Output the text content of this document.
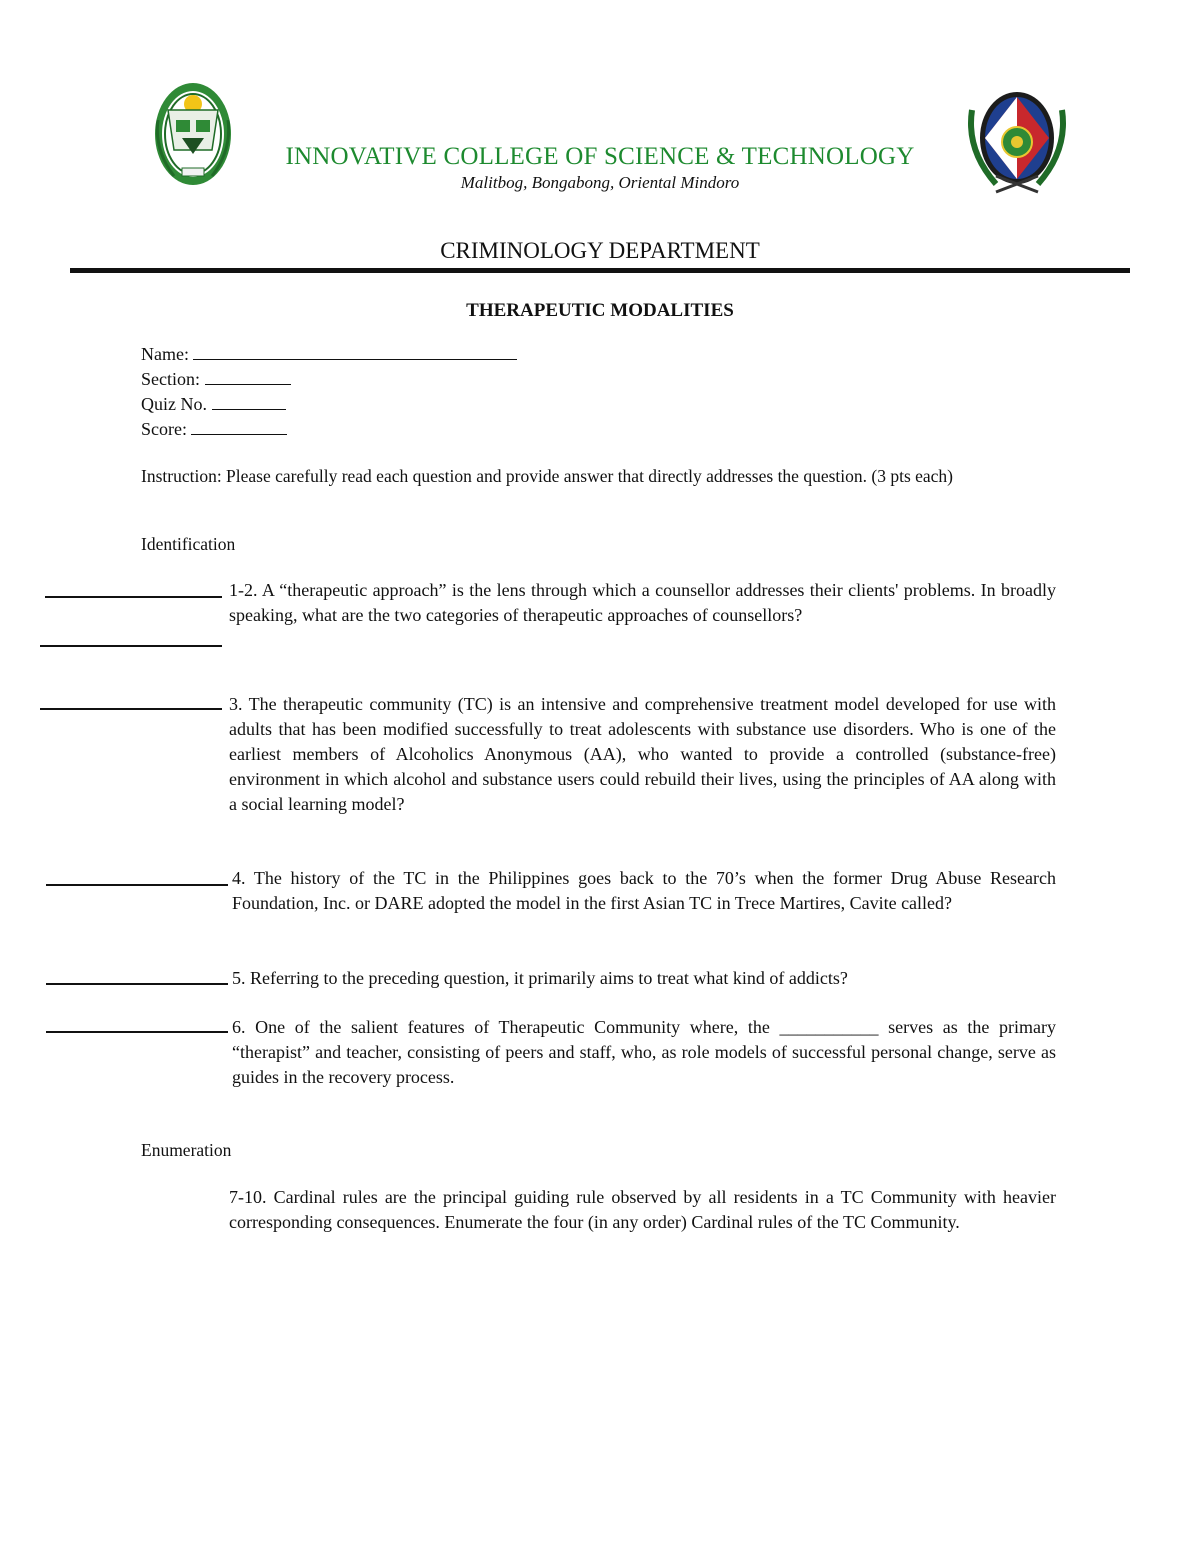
INNOVATIVE COLLEGE OF SCIENCE & TECHNOLOGY
Malitbog, Bongabong, Oriental Mindoro
CRIMINOLOGY DEPARTMENT
THERAPEUTIC MODALITIES
Name:
Section:
Quiz No.
Score:
Instruction: Please carefully read each question and provide answer that directly addresses the question. (3 pts each)
Identification
1-2. A “therapeutic approach” is the lens through which a counsellor addresses their clients' problems. In broadly speaking, what are the two categories of therapeutic approaches of counsellors?
3. The therapeutic community (TC) is an intensive and comprehensive treatment model developed for use with adults that has been modified successfully to treat adolescents with substance use disorders. Who is one of the earliest members of Alcoholics Anonymous (AA), who wanted to provide a controlled (substance-free) environment in which alcohol and substance users could rebuild their lives, using the principles of AA along with a social learning model?
4. The history of the TC in the Philippines goes back to the 70’s when the former Drug Abuse Research Foundation, Inc. or DARE adopted the model in the first Asian TC in Trece Martires, Cavite called?
5. Referring to the preceding question, it primarily aims to treat what kind of addicts?
6. One of the salient features of Therapeutic Community where, the ___________ serves as the primary “therapist” and teacher, consisting of peers and staff, who, as role models of successful personal change, serve as guides in the recovery process.
Enumeration
7-10. Cardinal rules are the principal guiding rule observed by all residents in a TC Community with heavier corresponding consequences. Enumerate the four (in any order) Cardinal rules of the TC Community.
